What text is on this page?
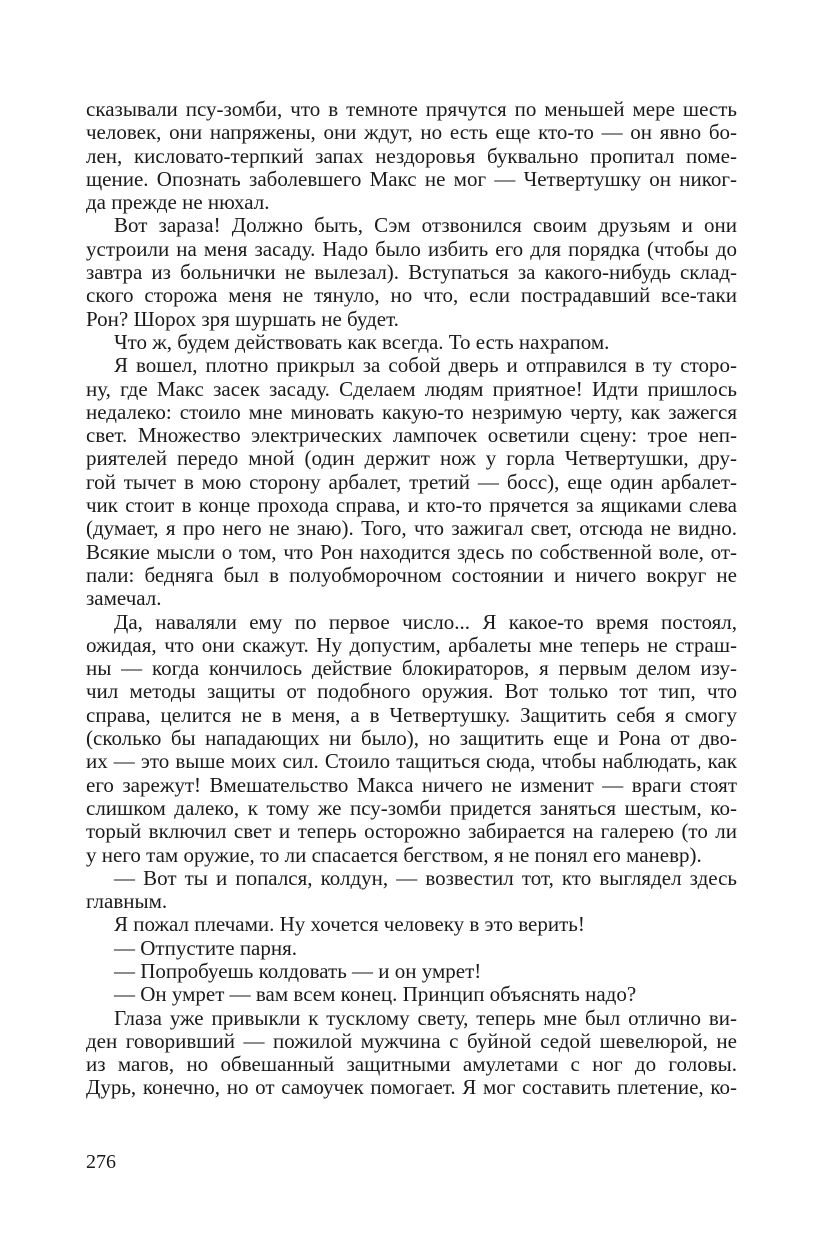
сказывали псу-зомби, что в темноте прячутся по меньшей мере шесть
человек, они напряжены, они ждут, но есть еще кто-то — он явно бо-
лен, кисловато-терпкий запах нездоровья буквально пропитал поме-
щение. Опознать заболевшего Макс не мог — Четвертушку он никог-
да прежде не нюхал.
Вот зараза! Должно быть, Сэм отзвонился своим друзьям и они
устроили на меня засаду. Надо было избить его для порядка (чтобы до
завтра из больнички не вылезал). Вступаться за какого-нибудь склад-
ского сторожа меня не тянуло, но что, если пострадавший все-таки
Рон? Шорох зря шуршать не будет.
Что ж, будем действовать как всегда. То есть нахрапом.
Я вошел, плотно прикрыл за собой дверь и отправился в ту сторо-
ну, где Макс засек засаду. Сделаем людям приятное! Идти пришлось
недалеко: стоило мне миновать какую-то незримую черту, как зажегся
свет. Множество электрических лампочек осветили сцену: трое неп-
риятелей передо мной (один держит нож у горла Четвертушки, дру-
гой тычет в мою сторону арбалет, третий — босс), еще один арбалет-
чик стоит в конце прохода справа, и кто-то прячется за ящиками слева
(думает, я про него не знаю). Того, что зажигал свет, отсюда не видно.
Всякие мысли о том, что Рон находится здесь по собственной воле, от-
пали: бедняга был в полуобморочном состоянии и ничего вокруг не
замечал.
Да, наваляли ему по первое число... Я какое-то время постоял,
ожидая, что они скажут. Ну допустим, арбалеты мне теперь не страш-
ны — когда кончилось действие блокираторов, я первым делом изу-
чил методы защиты от подобного оружия. Вот только тот тип, что
справа, целится не в меня, а в Четвертушку. Защитить себя я смогу
(сколько бы нападающих ни было), но защитить еще и Рона от дво-
их — это выше моих сил. Стоило тащиться сюда, чтобы наблюдать, как
его зарежут! Вмешательство Макса ничего не изменит — враги стоят
слишком далеко, к тому же псу-зомби придется заняться шестым, ко-
торый включил свет и теперь осторожно забирается на галерею (то ли
у него там оружие, то ли спасается бегством, я не понял его маневр).
— Вот ты и попался, колдун, — возвестил тот, кто выглядел здесь
главным.
Я пожал плечами. Ну хочется человеку в это верить!
— Отпустите парня.
— Попробуешь колдовать — и он умрет!
— Он умрет — вам всем конец. Принцип объяснять надо?
Глаза уже привыкли к тусклому свету, теперь мне был отлично ви-
ден говоривший — пожилой мужчина с буйной седой шевелюрой, не
из магов, но обвешанный защитными амулетами с ног до головы.
Дурь, конечно, но от самоучек помогает. Я мог составить плетение, ко-
276
